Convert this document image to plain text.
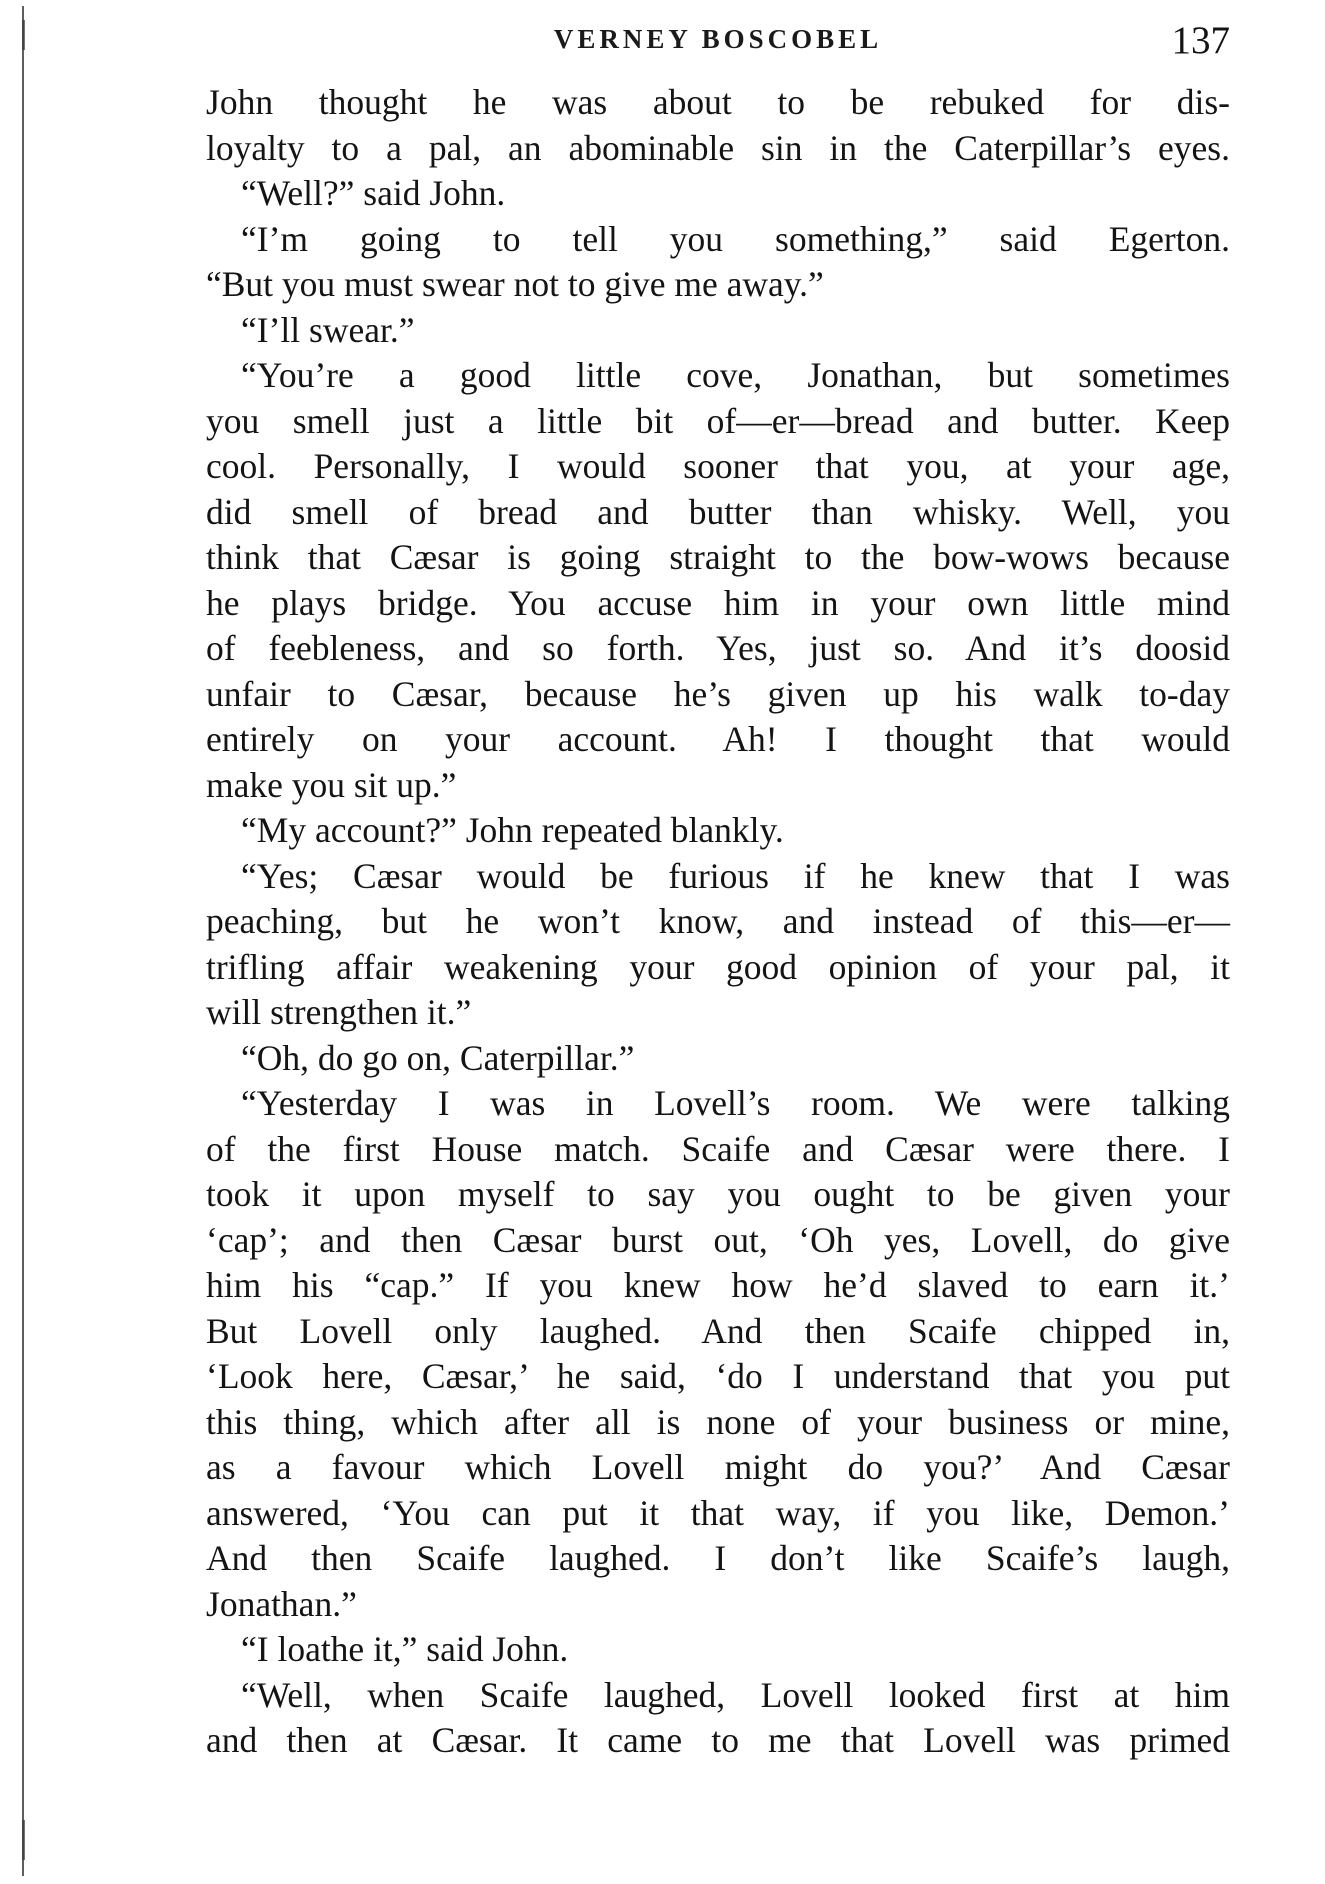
VERNEY BOSCOBEL	137
John thought he was about to be rebuked for dis-
loyalty to a pal, an abominable sin in the Caterpillar’s eyes.
“Well?” said John.
“I’m going to tell you something,” said Egerton.
“But you must swear not to give me away.”
“I’ll swear.”
“You’re a good little cove, Jonathan, but sometimes
you smell just a little bit of—er—bread and butter. Keep
cool. Personally, I would sooner that you, at your age,
did smell of bread and butter than whisky. Well, you
think that Cæsar is going straight to the bow-wows because
he plays bridge. You accuse him in your own little mind
of feebleness, and so forth. Yes, just so. And it’s doosid
unfair to Cæsar, because he’s given up his walk to-day
entirely on your account. Ah! I thought that would
make you sit up.”
“My account?” John repeated blankly.
“Yes; Cæsar would be furious if he knew that I was
peaching, but he won’t know, and instead of this—er—
trifling affair weakening your good opinion of your pal, it
will strengthen it.”
“Oh, do go on, Caterpillar.”
“Yesterday I was in Lovell’s room. We were talking
of the first House match. Scaife and Cæsar were there. I
took it upon myself to say you ought to be given your
‘cap’; and then Cæsar burst out, ‘Oh yes, Lovell, do give
him his “cap.” If you knew how he’d slaved to earn it.’
But Lovell only laughed. And then Scaife chipped in,
‘Look here, Cæsar,’ he said, ‘do I understand that you put
this thing, which after all is none of your business or mine,
as a favour which Lovell might do you?’ And Cæsar
answered, ‘You can put it that way, if you like, Demon.’
And then Scaife laughed. I don’t like Scaife’s laugh,
Jonathan.”
“I loathe it,” said John.
“Well, when Scaife laughed, Lovell looked first at him
and then at Cæsar. It came to me that Lovell was primed
